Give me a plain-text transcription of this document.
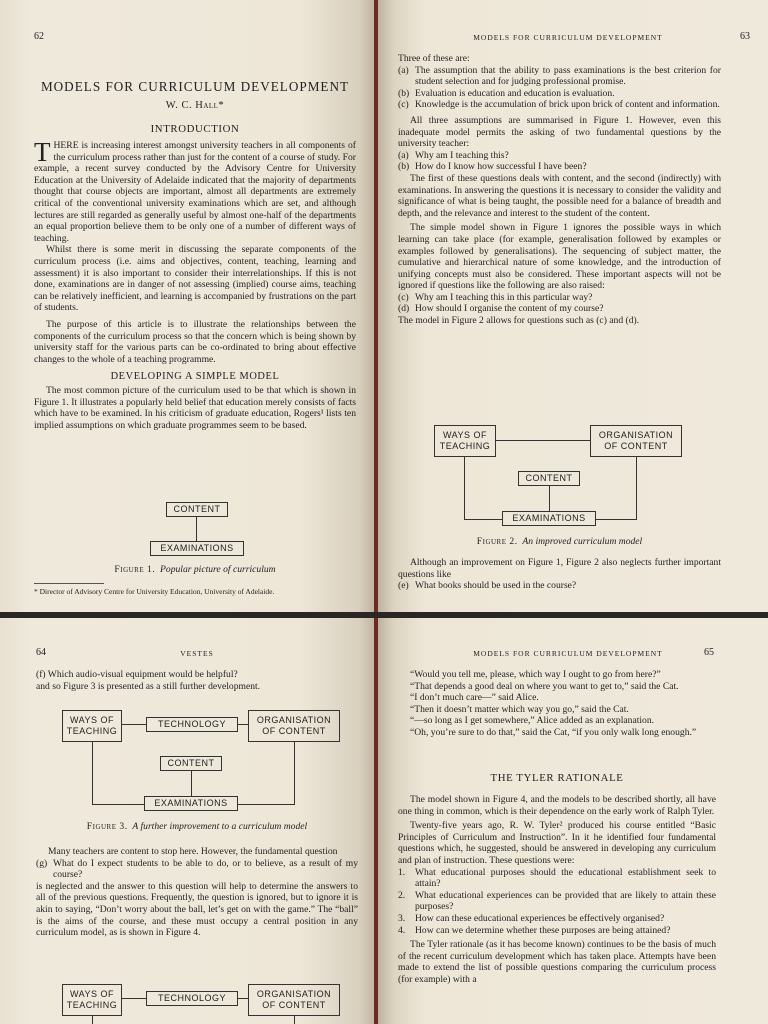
62
MODELS FOR CURRICULUM DEVELOPMENT
W. C. Hall*
INTRODUCTION

THERE is increasing interest amongst university teachers in all components of the curriculum process rather than just for the content of a course of study. For example, a recent survey conducted by the Advisory Centre for University Education at the University of Adelaide indicated that the majority of departments thought that course objects are important, almost all departments are extremely critical of the conventional university examinations which are set, and although lectures are still regarded as generally useful by almost one-half of the departments an equal proportion believe them to be only one of a number of different ways of teaching.

Whilst there is some merit in discussing the separate components of the curriculum process (i.e. aims and objectives, content, teaching, learning and assessment) it is also important to consider their interrelationships. If this is not done, examinations are in danger of not assessing (implied) course aims, teaching can be relatively inefficient, and learning is accompanied by frustrations on the part of students.

The purpose of this article is to illustrate the relationships between the components of the curriculum process so that the concern which is being shown by university staff for the various parts can be co-ordinated to bring about effective changes to the whole of a teaching programme.

DEVELOPING A SIMPLE MODEL

The most common picture of the curriculum used to be that which is shown in Figure 1. It illustrates a popularly held belief that education merely consists of facts which have to be examined. In his criticism of graduate education, Rogers¹ lists ten implied assumptions on which graduate programmes seem to be based.

CONTENT
EXAMINATIONS
Figure 1. Popular picture of curriculum
* Director of Advisory Centre for University Education, University of Adelaide.
MODELS FOR CURRICULUM DEVELOPMENT	63

Three of these are:

(a) The assumption that the ability to pass examinations is the best criterion for student selection and for judging professional promise.
(b) Evaluation is education and education is evaluation.
(c) Knowledge is the accumulation of brick upon brick of content and information.

All three assumptions are summarised in Figure 1. However, even this inadequate model permits the asking of two fundamental questions by the university teacher:

(a) Why am I teaching this?
(b) How do I know how successful I have been?

The first of these questions deals with content, and the second (indirectly) with examinations. In answering the questions it is necessary to consider the validity and significance of what is being taught, the possible need for a balance of breadth and depth, and the relevance and interest to the student of the content.

The simple model shown in Figure 1 ignores the possible ways in which learning can take place (for example, generalisation followed by examples or examples followed by generalisations). The sequencing of subject matter, the cumulative and hierarchical nature of some knowledge, and the introduction of unifying concepts must also be considered. These important aspects will not be ignored if questions like the following are also raised:

(c) Why am I teaching this in this particular way?
(d) How should I organise the content of my course?

The model in Figure 2 allows for questions such as (c) and (d).

WAYS OF TEACHING
ORGANISATION OF CONTENT
CONTENT
EXAMINATIONS
Figure 2. An improved curriculum model

Although an improvement on Figure 1, Figure 2 also neglects further important questions like

(e) What books should be used in the course?
64	VESTES

(f) Which audio-visual equipment would be helpful?

and so Figure 3 is presented as a still further development.

WAYS OF TEACHING
TECHNOLOGY	ORGANISATION OF CONTENT
CONTENT
EXAMINATIONS
Figure 3. A further improvement to a curriculum model

Many teachers are content to stop here. However, the fundamental question

(g) What do I expect students to be able to do, or to believe, as a result of my course?

is neglected and the answer to this question will help to determine the answers to all of the previous questions. Frequently, the question is ignored, but to ignore it is akin to saying, “Don’t worry about the ball, let’s get on with the game.” The “ball” is the aims of the course, and these must occupy a central position in any curriculum model, as is shown in Figure 4.

WAYS OF TEACHING
TECHNOLOGY	ORGANISATION OF CONTENT
MODELS FOR CURRICULUM DEVELOPMENT	65

“Would you tell me, please, which way I ought to go from here?”

“That depends a good deal on where you want to get to,” said the Cat.

“I don’t much care—” said Alice.

“Then it doesn’t matter which way you go,” said the Cat.

“—so long as I get somewhere,” Alice added as an explanation.

“Oh, you’re sure to do that,” said the Cat, “if you only walk long enough.”

THE TYLER RATIONALE

The model shown in Figure 4, and the models to be described shortly, all have one thing in common, which is their dependence on the early work of Ralph Tyler.

Twenty-five years ago, R. W. Tyler² produced his course entitled “Basic Principles of Curriculum and Instruction”. In it he identified four fundamental questions which, he suggested, should be answered in developing any curriculum and plan of instruction. These questions were:

1.	What educational purposes should the educational establishment seek to attain?
2.	What educational experiences can be provided that are likely to attain these purposes?
3.	How can these educational experiences be effectively organised?
4.	How can we determine whether these purposes are being attained?

The Tyler rationale (as it has become known) continues to be the basis of much of the recent curriculum development which has taken place. Attempts have been made to extend the list of possible questions comparing the curriculum process (for example) with a
